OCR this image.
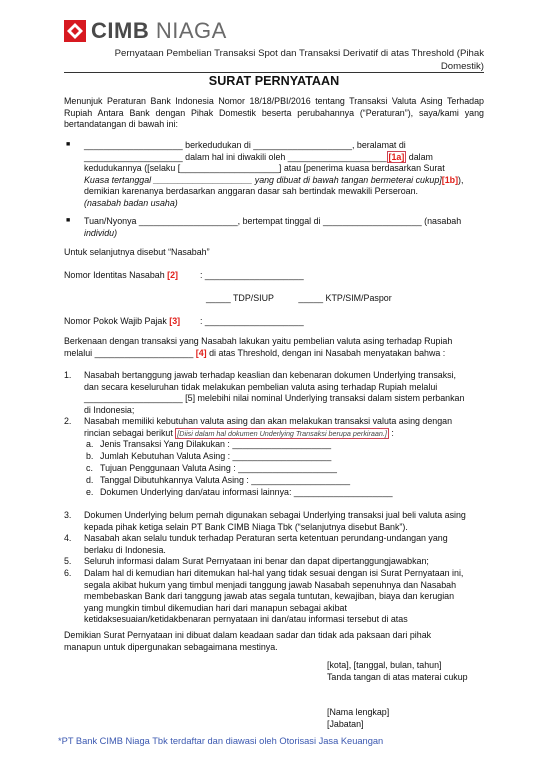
CIMB NIAGA
Pernyataan Pembelian Transaksi Spot dan Transaksi Derivatif di atas Threshold (Pihak
Domestik)
SURAT PERNYATAAN
Menunjuk Peraturan Bank Indonesia Nomor 18/18/PBI/2016 tentang Transaksi Valuta Asing Terhadap Rupiah Antara Bank dengan Pihak Domestik beserta perubahannya (“Peraturan”), saya/kami yang bertandatangan di bawah ini:
■ ____________________ berkedudukan di ____________________, beralamat di
____________________ dalam hal ini diwakili oleh ____________________ [1a] dalam
kedudukannya ([selaku [____________________] atau [penerima kuasa berdasarkan Surat
Kuasa tertanggal ____________________ yang dibuat di bawah tangan bermeterai cukup][1b]),
demikian karenanya berdasarkan anggaran dasar sah bertindak mewakili Perseroan.
(nasabah badan usaha)
■ Tuan/Nyonya ____________________, bertempat tinggal di ____________________ (nasabah
individu)
Untuk selanjutnya disebut “Nasabah”
Nomor Identitas Nasabah [2] : ____________________
_____ TDP/SIUP          _____ KTP/SIM/Paspor
Nomor Pokok Wajib Pajak [3] : ____________________
Berkenaan dengan transaksi yang Nasabah lakukan yaitu pembelian valuta asing terhadap Rupiah
melalui ____________________ [4] di atas Threshold, dengan ini Nasabah menyatakan bahwa :
1. Nasabah bertanggung jawab terhadap keaslian dan kebenaran dokumen Underlying transaksi,
dan secara keseluruhan tidak melakukan pembelian valuta asing terhadap Rupiah melalui
____________________ [5] melebihi nilai nominal Underlying transaksi dalam sistem perbankan
di Indonesia;
2. Nasabah memiliki kebutuhan valuta asing dan akan melakukan transaksi valuta asing dengan
rincian sebagai berikut [Diisi dalam hal dokumen Underlying Transaksi berupa perkiraan.] :
a. Jenis Transaksi Yang Dilakukan : ____________________
b. Jumlah Kebutuhan Valuta Asing : ____________________
c. Tujuan Penggunaan Valuta Asing : ____________________
d. Tanggal Dibutuhkannya Valuta Asing : ____________________
e. Dokumen Underlying dan/atau informasi lainnya: ____________________
3. Dokumen Underlying belum pernah digunakan sebagai Underlying transaksi jual beli valuta asing
kepada pihak ketiga selain PT Bank CIMB Niaga Tbk (“selanjutnya disebut Bank”).
4. Nasabah akan selalu tunduk terhadap Peraturan serta ketentuan perundang-undangan yang
berlaku di Indonesia.
5. Seluruh informasi dalam Surat Pernyataan ini benar dan dapat dipertanggungjawabkan;
6. Dalam hal di kemudian hari ditemukan hal-hal yang tidak sesuai dengan isi Surat Pernyataan ini,
segala akibat hukum yang timbul menjadi tanggung jawab Nasabah sepenuhnya dan Nasabah
membebaskan Bank dari tanggung jawab atas segala tuntutan, kewajiban, biaya dan kerugian
yang mungkin timbul dikemudian hari dari manapun sebagai akibat
ketidaksesuaian/ketidakbenaran pernyataan ini dan/atau informasi tersebut di atas
Demikian Surat Pernyataan ini dibuat dalam keadaan sadar dan tidak ada paksaan dari pihak
manapun untuk dipergunakan sebagaimana mestinya.
[kota], [tanggal, bulan, tahun]
Tanda tangan di atas materai cukup
[Nama lengkap]
[Jabatan]
*PT Bank CIMB Niaga Tbk terdaftar dan diawasi oleh Otorisasi Jasa Keuangan
